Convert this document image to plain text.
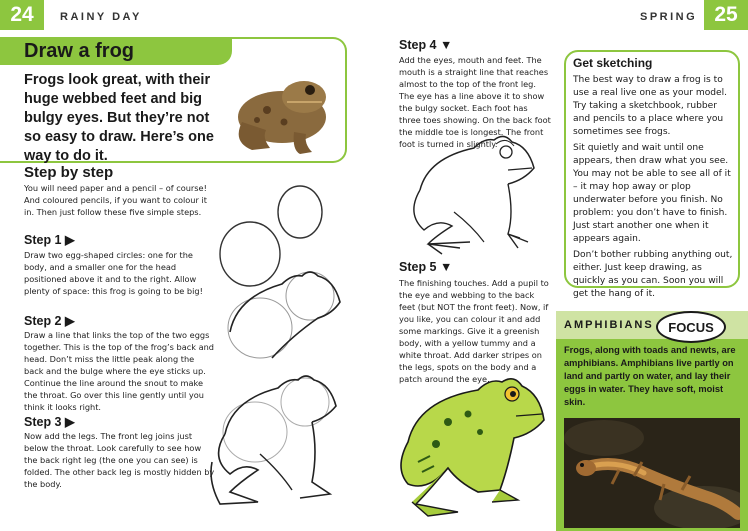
24	RAINY DAY
Draw a frog
Frogs look great, with their huge webbed feet and big bulgy eyes. But they’re not so easy to draw. Here’s one way to do it.
Step by step
You will need paper and a pencil – of course! And coloured pencils, if you want to colour it in. Then just follow these five simple steps.
Step 1 ▶
Draw two egg-shaped circles: one for the body, and a smaller one for the head positioned above it and to the right. Allow plenty of space: this frog is going to be big!
Step 2 ▶
Draw a line that links the top of the two eggs together. This is the top of the frog’s back and head. Don’t miss the little peak along the back and the bulge where the eye sticks up. Continue the line around the snout to make the throat. Go over this line gently until you think it looks right.
Step 3 ▶
Now add the legs. The front leg joins just below the throat. Look carefully to see how the back right leg (the one you can see) is folded. The other back leg is mostly hidden by the body.
Step 4 ▼
Add the eyes, mouth and feet. The mouth is a straight line that reaches almost to the top of the front leg. The eye has a line above it to show the bulgy socket. Each foot has three toes showing. On the back foot the middle toe is longest. The front foot is turned in slightly.
Step 5 ▼
The finishing touches. Add a pupil to the eye and webbing to the back feet (but NOT the front feet). Now, if you like, you can colour it and add some markings. Give it a greenish body, with a yellow tummy and a white throat. Add darker stripes on the legs, spots on the body and a patch around the eye.
SPRING 25
Get sketching
The best way to draw a frog is to use a real live one as your model. Try taking a sketchbook, rubber and pencils to a place where you sometimes see frogs.
Sit quietly and wait until one appears, then draw what you see. You may not be able to see all of it – it may hop away or plop underwater before you finish. No problem: you don’t have to finish. Just start another one when it appears again.
Don’t bother rubbing anything out, either. Just keep drawing, as quickly as you can. Soon you will get the hang of it.
AMPHIBIANS	FOCUS
Frogs, along with toads and newts, are amphibians. Amphibians live partly on land and partly on water, and lay their eggs in water. They have soft, moist skin.
